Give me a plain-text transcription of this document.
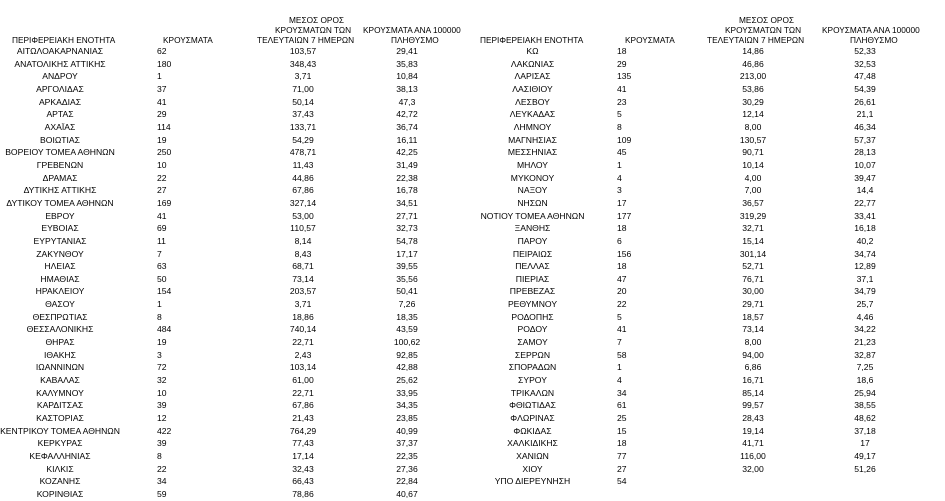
ΠΕΡΙΦΕΡΕΙΑΚΗ ΕΝΟΤΗΤΑ	ΚΡΟΥΣΜΑΤΑ
ΜΕΣΟΣ ΟΡΟΣ
ΚΡΟΥΣΜΑΤΩΝ ΤΩΝ
ΤΕΛΕΥΤΑΙΩΝ 7 ΗΜΕΡΩΝ
ΚΡΟΥΣΜΑΤΑ ΑΝΑ 100000
ΠΛΗΘΥΣΜΟ
ΑΙΤΩΛΟΑΚΑΡΝΑΝΙΑΣ	62	103,57	29,41
ΑΝΑΤΟΛΙΚΗΣ ΑΤΤΙΚΗΣ	180	348,43	35,83
ΑΝΔΡΟΥ	1	3,71	10,84
ΑΡΓΟΛΙΔΑΣ	37	71,00	38,13
ΑΡΚΑΔΙΑΣ	41	50,14	47,3
ΑΡΤΑΣ	29	37,43	42,72
ΑΧΑΪΑΣ	114	133,71	36,74
ΒΟΙΩΤΙΑΣ	19	54,29	16,11
ΒΟΡΕΙΟΥ ΤΟΜΕΑ ΑΘΗΝΩΝ	250	478,71	42,25
ΓΡΕΒΕΝΩΝ	10	11,43	31,49
ΔΡΑΜΑΣ	22	44,86	22,38
ΔΥΤΙΚΗΣ ΑΤΤΙΚΗΣ	27	67,86	16,78
ΔΥΤΙΚΟΥ ΤΟΜΕΑ ΑΘΗΝΩΝ	169	327,14	34,51
ΕΒΡΟΥ	41	53,00	27,71
ΕΥΒΟΙΑΣ	69	110,57	32,73
ΕΥΡΥΤΑΝΙΑΣ	11	8,14	54,78
ΖΑΚΥΝΘΟΥ	7	8,43	17,17
ΗΛΕΙΑΣ	63	68,71	39,55
ΗΜΑΘΙΑΣ	50	73,14	35,56
ΗΡΑΚΛΕΙΟΥ	154	203,57	50,41
ΘΑΣΟΥ	1	3,71	7,26
ΘΕΣΠΡΩΤΙΑΣ	8	18,86	18,35
ΘΕΣΣΑΛΟΝΙΚΗΣ	484	740,14	43,59
ΘΗΡΑΣ	19	22,71	100,62
ΙΘΑΚΗΣ	3	2,43	92,85
ΙΩΑΝΝΙΝΩΝ	72	103,14	42,88
ΚΑΒΑΛΑΣ	32	61,00	25,62
ΚΑΛΥΜΝΟΥ	10	22,71	33,95
ΚΑΡΔΙΤΣΑΣ	39	67,86	34,35
ΚΑΣΤΟΡΙΑΣ	12	21,43	23,85
ΚΕΝΤΡΙΚΟΥ ΤΟΜΕΑ ΑΘΗΝΩΝ	422	764,29	40,99
ΚΕΡΚΥΡΑΣ	39	77,43	37,37
ΚΕΦΑΛΛΗΝΙΑΣ	8	17,14	22,35
ΚΙΛΚΙΣ	22	32,43	27,36
ΚΟΖΑΝΗΣ	34	66,43	22,84
ΚΟΡΙΝΘΙΑΣ	59	78,86	40,67
ΠΕΡΙΦΕΡΕΙΑΚΗ ΕΝΟΤΗΤΑ	ΚΡΟΥΣΜΑΤΑ
ΜΕΣΟΣ ΟΡΟΣ
ΚΡΟΥΣΜΑΤΩΝ ΤΩΝ
ΤΕΛΕΥΤΑΙΩΝ 7 ΗΜΕΡΩΝ
ΚΡΟΥΣΜΑΤΑ ΑΝΑ 100000
ΠΛΗΘΥΣΜΟ
ΚΩ	18	14,86	52,33
ΛΑΚΩΝΙΑΣ	29	46,86	32,53
ΛΑΡΙΣΑΣ	135	213,00	47,48
ΛΑΣΙΘΙΟΥ	41	53,86	54,39
ΛΕΣΒΟΥ	23	30,29	26,61
ΛΕΥΚΑΔΑΣ	5	12,14	21,1
ΛΗΜΝΟΥ	8	8,00	46,34
ΜΑΓΝΗΣΙΑΣ	109	130,57	57,37
ΜΕΣΣΗΝΙΑΣ	45	90,71	28,13
ΜΗΛΟΥ	1	10,14	10,07
ΜΥΚΟΝΟΥ	4	4,00	39,47
ΝΑΞΟΥ	3	7,00	14,4
ΝΗΣΩΝ	17	36,57	22,77
ΝΟΤΙΟΥ ΤΟΜΕΑ ΑΘΗΝΩΝ	177	319,29	33,41
ΞΑΝΘΗΣ	18	32,71	16,18
ΠΑΡΟΥ	6	15,14	40,2
ΠΕΙΡΑΙΩΣ	156	301,14	34,74
ΠΕΛΛΑΣ	18	52,71	12,89
ΠΙΕΡΙΑΣ	47	76,71	37,1
ΠΡΕΒΕΖΑΣ	20	30,00	34,79
ΡΕΘΥΜΝΟΥ	22	29,71	25,7
ΡΟΔΟΠΗΣ	5	18,57	4,46
ΡΟΔΟΥ	41	73,14	34,22
ΣΑΜΟΥ	7	8,00	21,23
ΣΕΡΡΩΝ	58	94,00	32,87
ΣΠΟΡΑΔΩΝ	1	6,86	7,25
ΣΥΡΟΥ	4	16,71	18,6
ΤΡΙΚΑΛΩΝ	34	85,14	25,94
ΦΘΙΩΤΙΔΑΣ	61	99,57	38,55
ΦΛΩΡΙΝΑΣ	25	28,43	48,62
ΦΩΚΙΔΑΣ	15	19,14	37,18
ΧΑΛΚΙΔΙΚΗΣ	18	41,71	17
ΧΑΝΙΩΝ	77	116,00	49,17
ΧΙΟΥ	27	32,00	51,26
ΥΠΟ ΔΙΕΡΕΥΝΗΣΗ	54
